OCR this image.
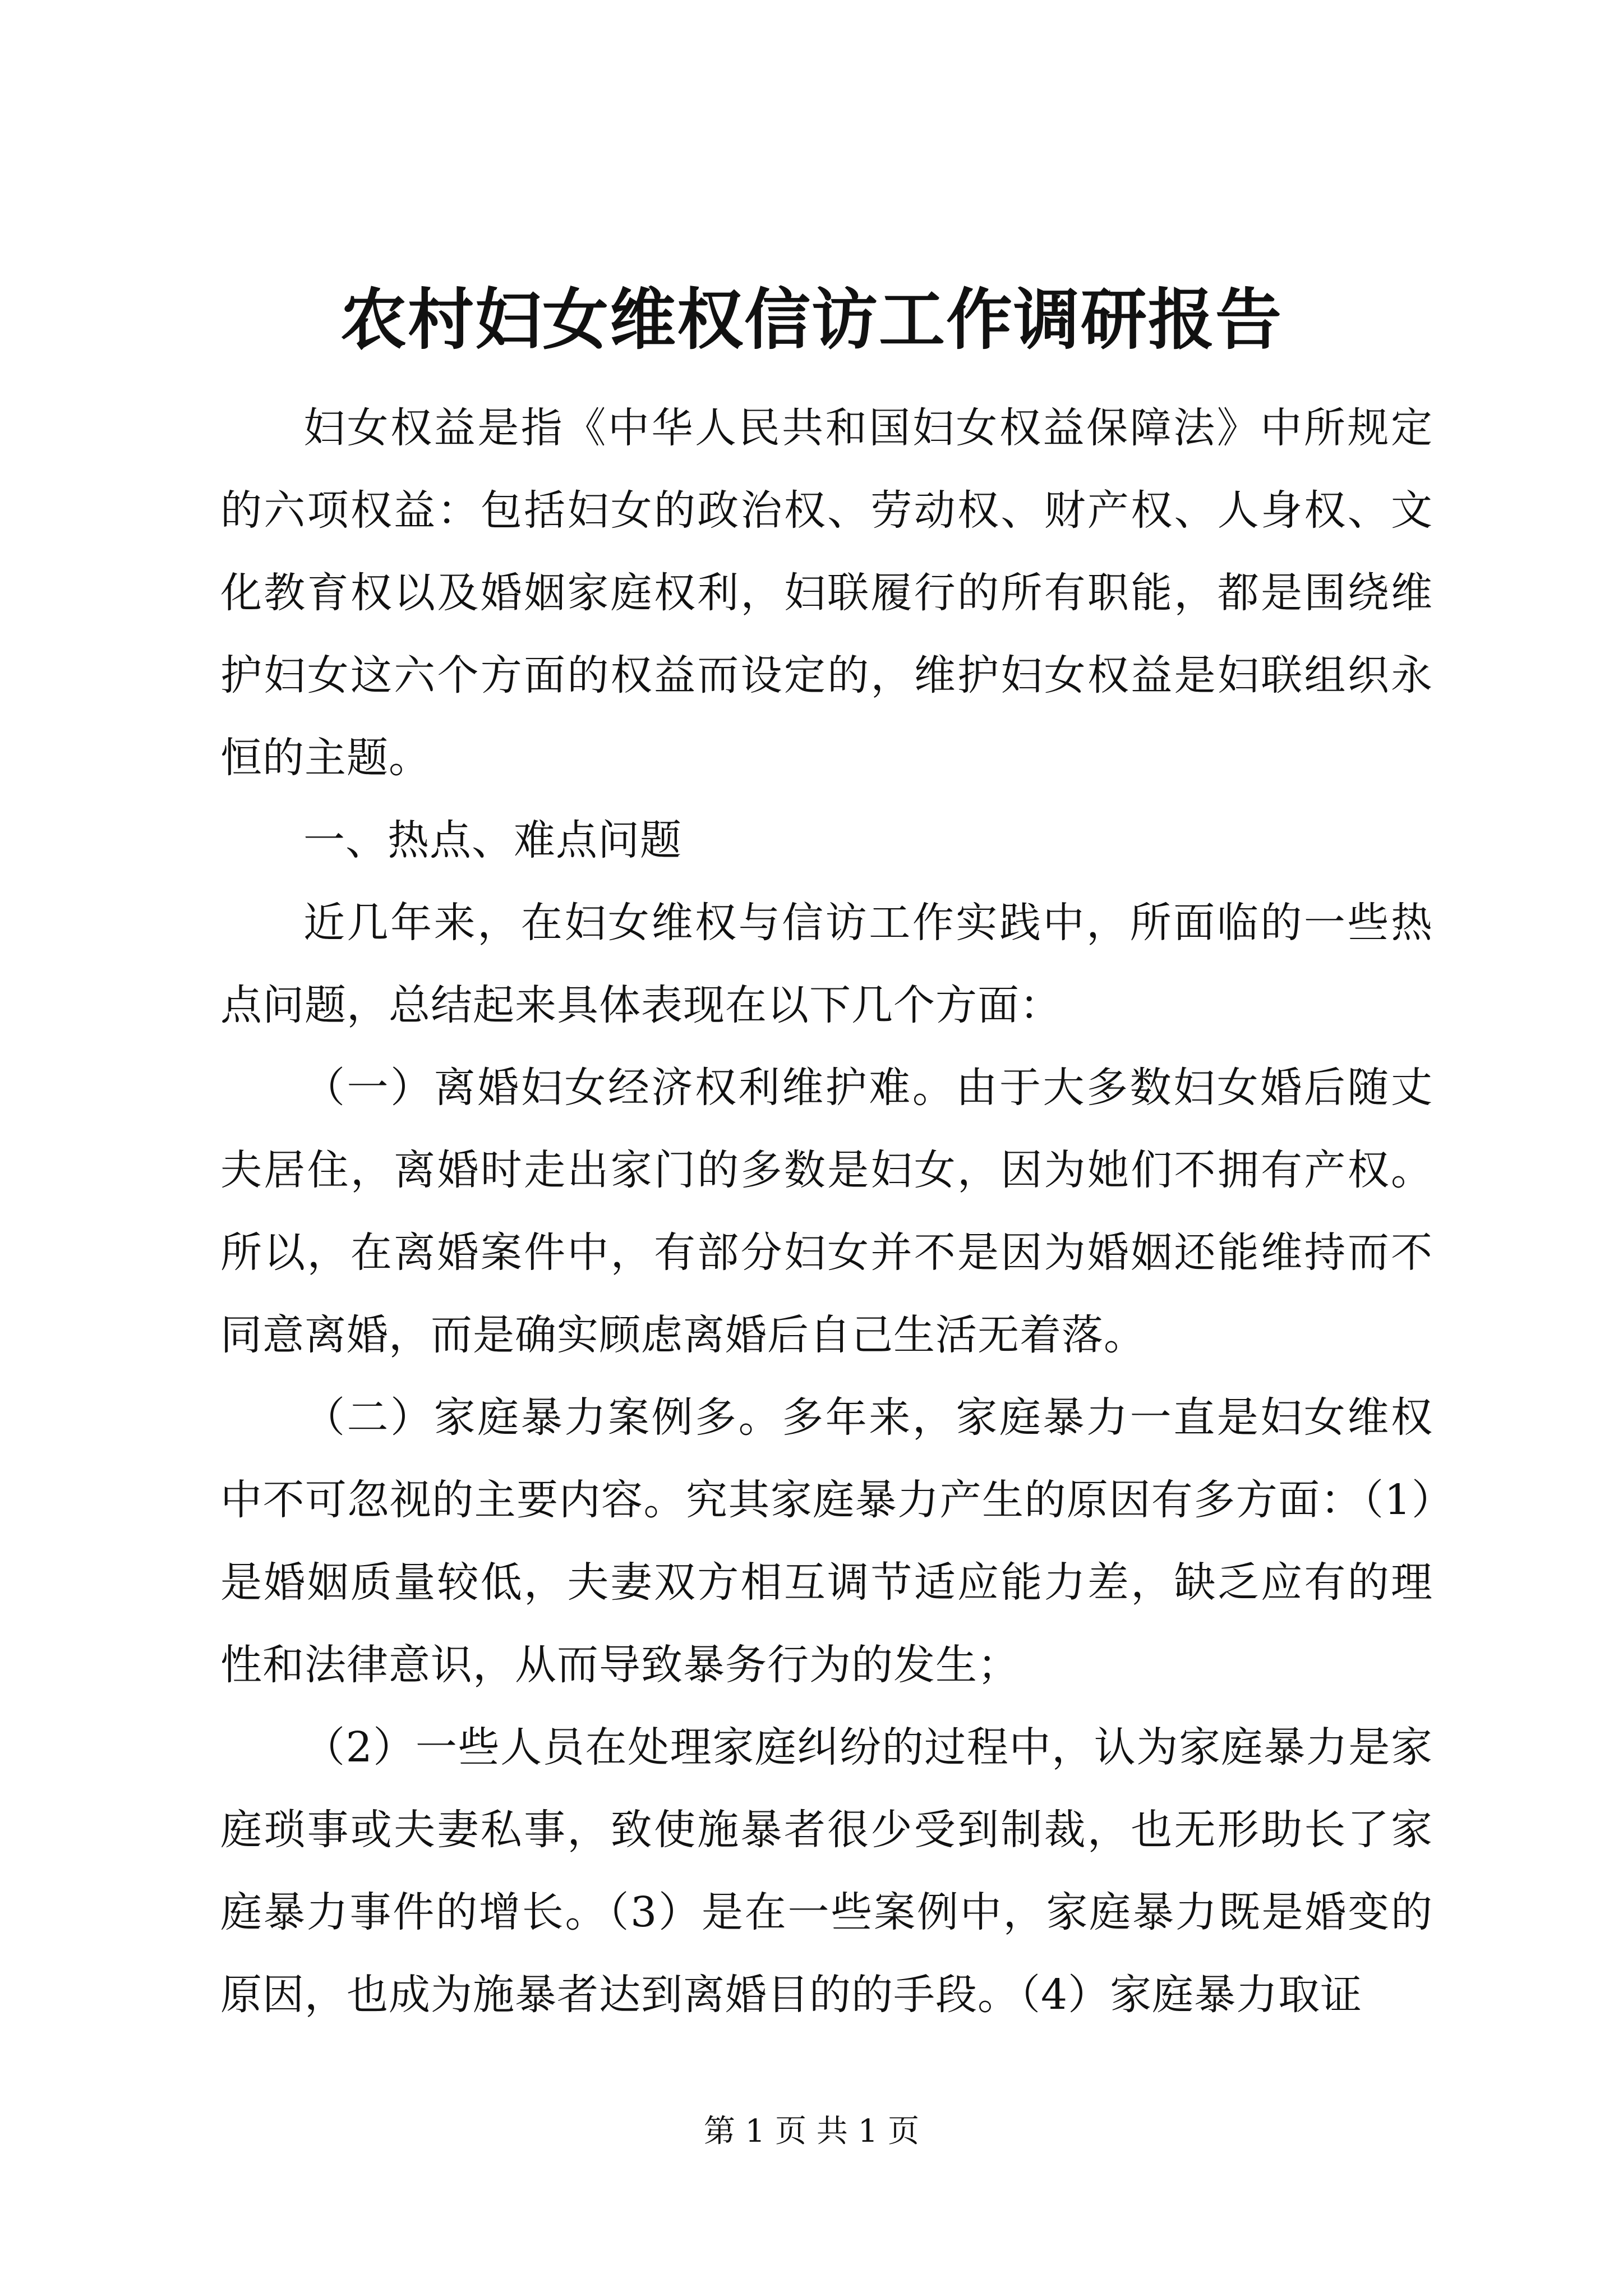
农村妇女维权信访工作调研报告

妇女权益是指《中华人民共和国妇女权益保障法》中所规定的六项权益：包括妇女的政治权、劳动权、财产权、人身权、文化教育权以及婚姻家庭权利，妇联履行的所有职能，都是围绕维护妇女这六个方面的权益而设定的，维护妇女权益是妇联组织永恒的主题。

一、热点、难点问题

近几年来，在妇女维权与信访工作实践中，所面临的一些热点问题，总结起来具体表现在以下几个方面：

（一）离婚妇女经济权利维护难。由于大多数妇女婚后随丈夫居住，离婚时走出家门的多数是妇女，因为她们不拥有产权。所以，在离婚案件中，有部分妇女并不是因为婚姻还能维持而不同意离婚，而是确实顾虑离婚后自己生活无着落。

（二）家庭暴力案例多。多年来，家庭暴力一直是妇女维权中不可忽视的主要内容。究其家庭暴力产生的原因有多方面：（1）是婚姻质量较低，夫妻双方相互调节适应能力差，缺乏应有的理性和法律意识，从而导致暴务行为的发生；

（2）一些人员在处理家庭纠纷的过程中，认为家庭暴力是家庭琐事或夫妻私事，致使施暴者很少受到制裁，也无形助长了家庭暴力事件的增长。（3）是在一些案例中，家庭暴力既是婚变的原因，也成为施暴者达到离婚目的的手段。（4）家庭暴力取证

第 1 页 共 1 页
